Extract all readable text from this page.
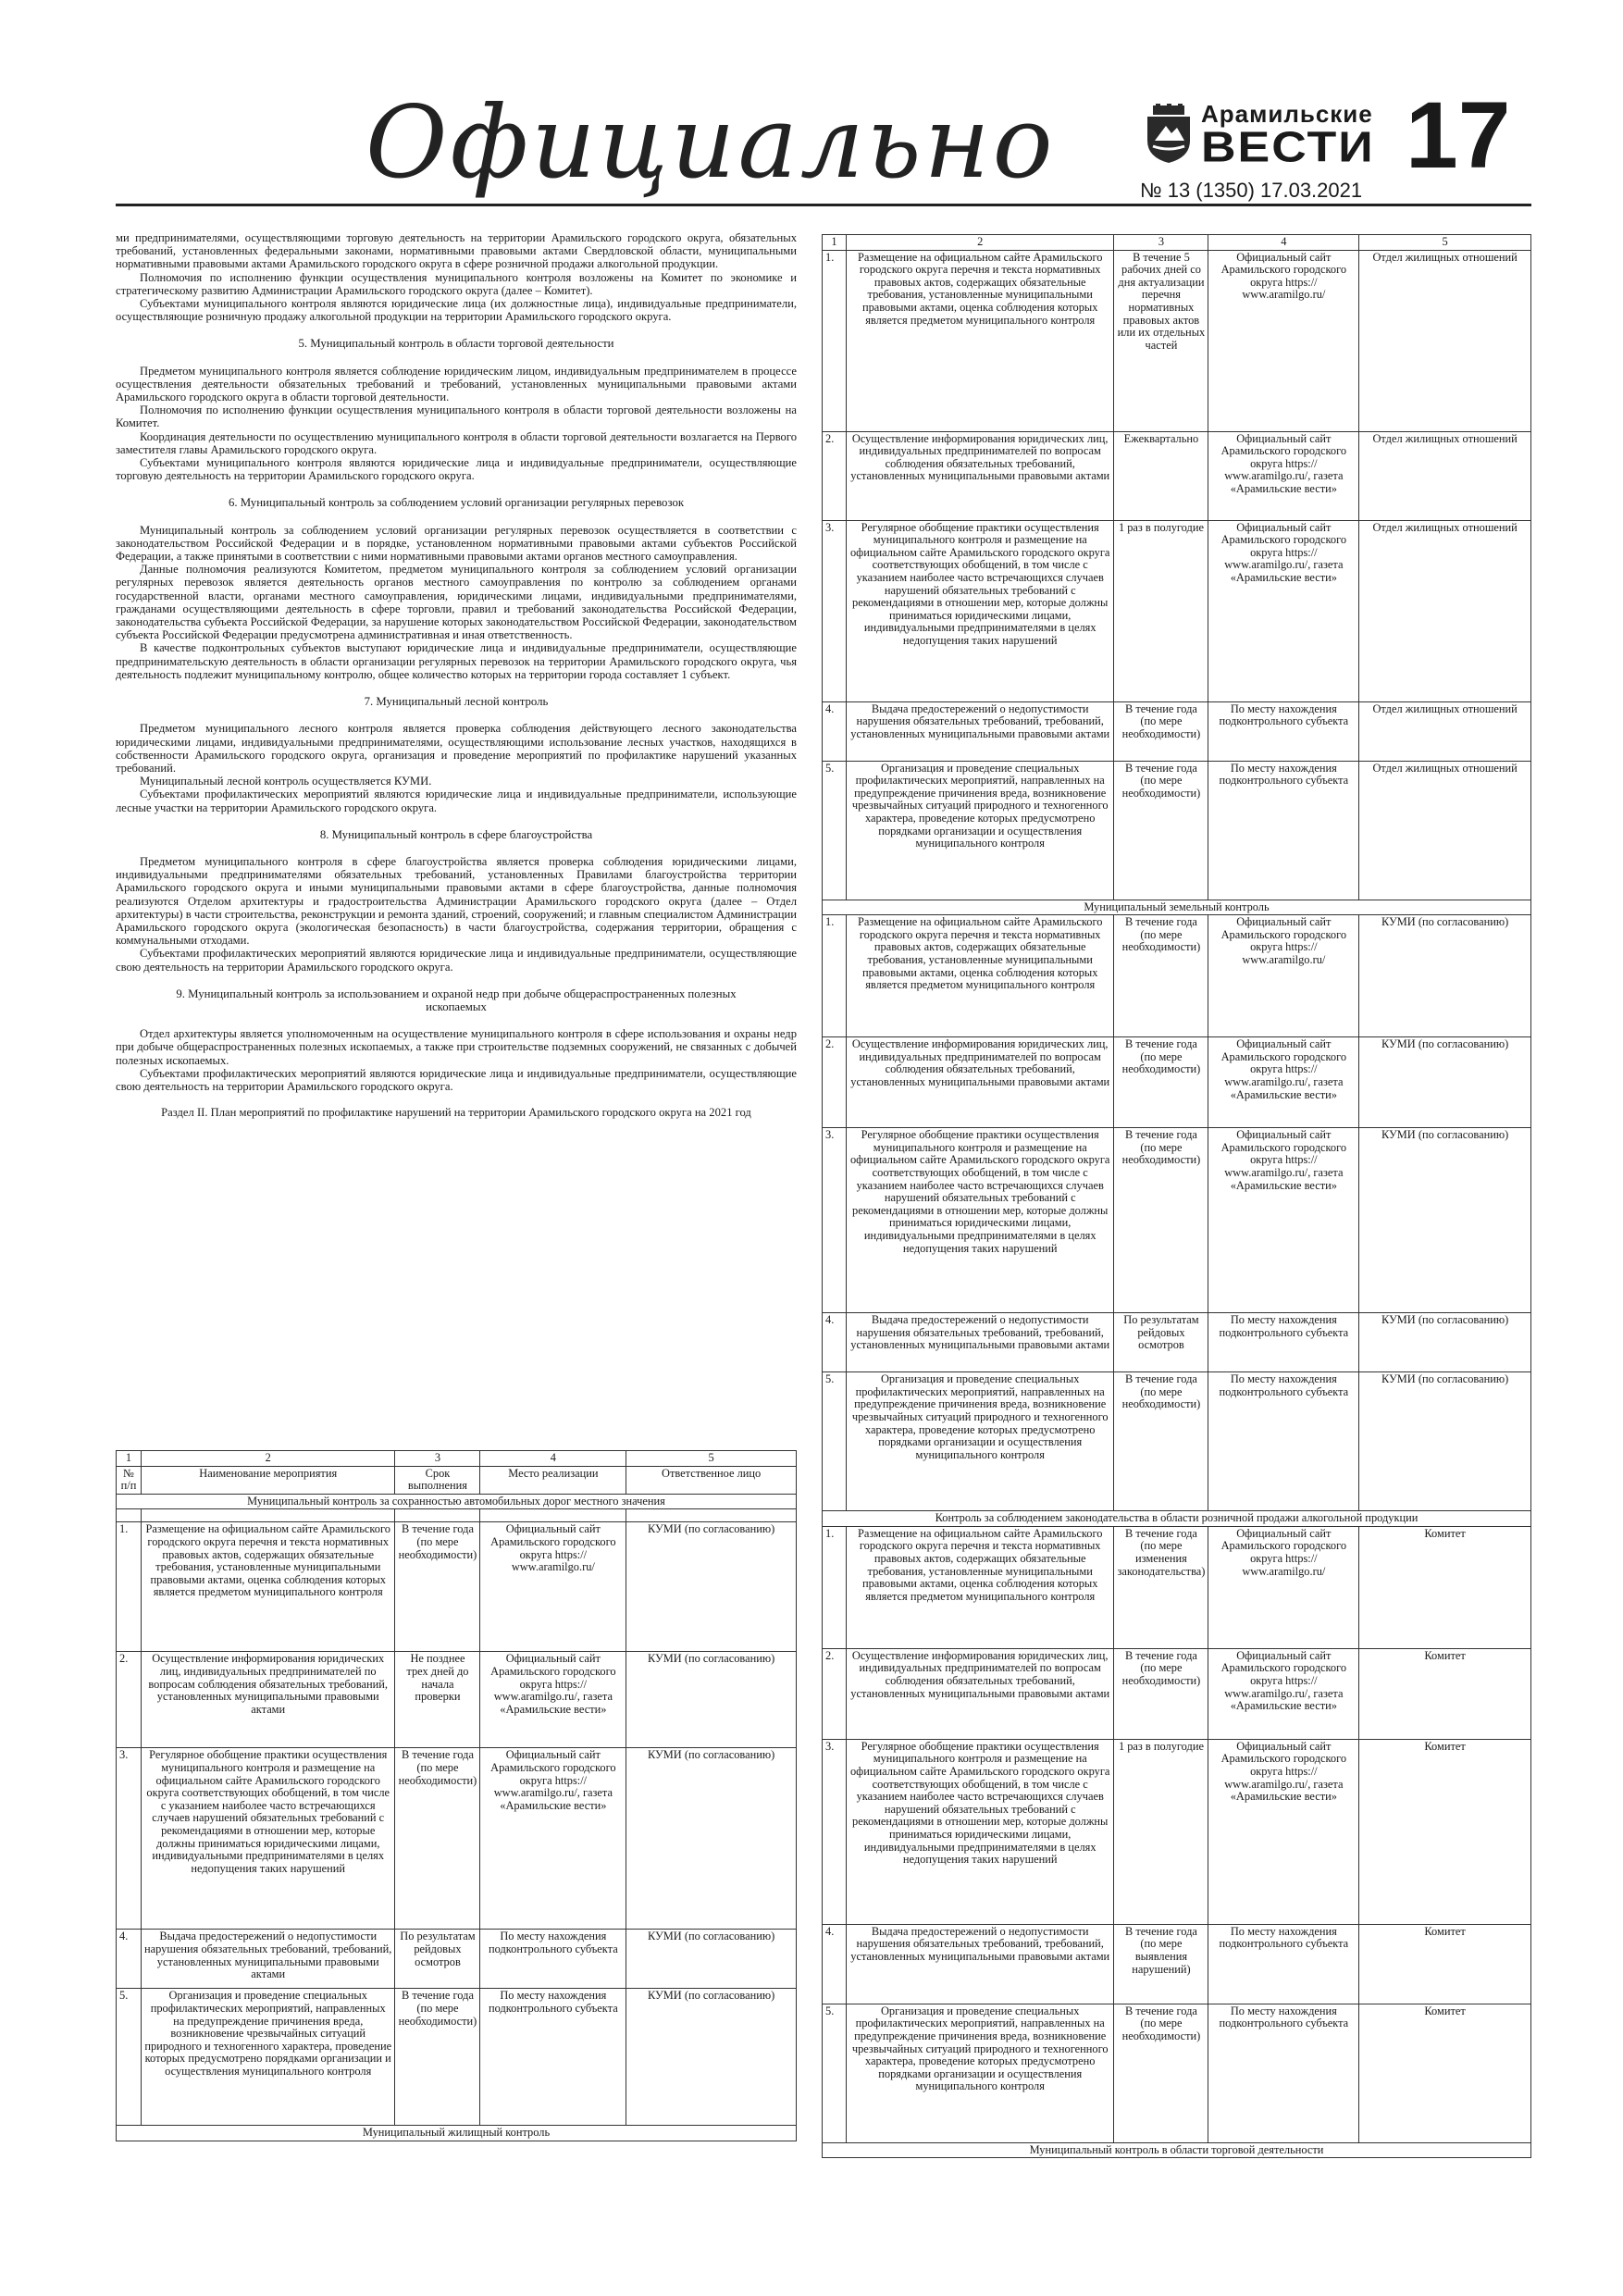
Официально	Арамильские
ВЕСТИ
№ 13 (1350) 17.03.2021
17

ми предпринимателями, осуществляющими торговую деятельность на территории Арамильского городского округа, обязательных требований, установленных федеральными законами, нормативными правовыми актами Свердловской области, муниципальными нормативными правовыми актами Арамильского городского округа в сфере розничной продажи алкогольной продукции.

Полномочия по исполнению функции осуществления муниципального контроля возложены на Комитет по экономике и стратегическому развитию Администрации Арамильского городского округа (далее – Комитет).

Субъектами муниципального контроля являются юридические лица (их должностные лица), индивидуальные предприниматели, осуществляющие розничную продажу алкогольной продукции на территории Арамильского городского округа.

5. Муниципальный контроль в области торговой деятельности

Предметом муниципального контроля является соблюдение юридическим лицом, индивидуальным предпринимателем в процессе осуществления деятельности обязательных требований и требований, установленных муниципальными правовыми актами Арамильского городского округа в области торговой деятельности.

Полномочия по исполнению функции осуществления муниципального контроля в области торговой деятельности возложены на Комитет.

Координация деятельности по осуществлению муниципального контроля в области торговой деятельности возлагается на Первого заместителя главы Арамильского городского округа.

Субъектами муниципального контроля являются юридические лица и индивидуальные предприниматели, осуществляющие торговую деятельность на территории Арамильского городского округа.

6. Муниципальный контроль за соблюдением условий организации регулярных перевозок

Муниципальный контроль за соблюдением условий организации регулярных перевозок осуществляется в соответствии с законодательством Российской Федерации и в порядке, установленном нормативными правовыми актами субъектов Российской Федерации, а также принятыми в соответствии с ними нормативными правовыми актами органов местного самоуправления.

Данные полномочия реализуются Комитетом, предметом муниципального контроля за соблюдением условий организации регулярных перевозок является деятельность органов местного самоуправления по контролю за соблюдением органами государственной власти, органами местного самоуправления, юридическими лицами, индивидуальными предпринимателями, гражданами осуществляющими деятельность в сфере торговли, правил и требований законодательства Российской Федерации, законодательства субъекта Российской Федерации, за нарушение которых законодательством Российской Федерации, законодательством субъекта Российской Федерации предусмотрена административная и иная ответственность.

В качестве подконтрольных субъектов выступают юридические лица и индивидуальные предприниматели, осуществляющие предпринимательскую деятельность в области организации регулярных перевозок на территории Арамильского городского округа, чья деятельность подлежит муниципальному контролю, общее количество которых на территории города составляет 1 субъект.

7. Муниципальный лесной контроль

Предметом муниципального лесного контроля является проверка соблюдения действующего лесного законодательства юридическими лицами, индивидуальными предпринимателями, осуществляющими использование лесных участков, находящихся в собственности Арамильского городского округа, организация и проведение мероприятий по профилактике нарушений указанных требований.

Муниципальный лесной контроль осуществляется КУМИ.

Субъектами профилактических мероприятий являются юридические лица и индивидуальные предприниматели, использующие лесные участки на территории Арамильского городского округа.

8. Муниципальный контроль в сфере благоустройства

Предметом муниципального контроля в сфере благоустройства является проверка соблюдения юридическими лицами, индивидуальными предпринимателями обязательных требований, установленных Правилами благоустройства территории Арамильского городского округа и иными муниципальными правовыми актами в сфере благоустройства, данные полномочия реализуются Отделом архитектуры и градостроительства Администрации Арамильского городского округа (далее – Отдел архитектуры) в части строительства, реконструкции и ремонта зданий, строений, сооружений; и главным специалистом Администрации Арамильского городского округа (экологическая безопасность) в части благоустройства, содержания территории, обращения с коммунальными отходами.

Субъектами профилактических мероприятий являются юридические лица и индивидуальные предприниматели, осуществляющие свою деятельность на территории Арамильского городского округа.

9. Муниципальный контроль за использованием и охраной недр при добыче общераспространенных полезных ископаемых

Отдел архитектуры является уполномоченным на осуществление муниципального контроля в сфере использования и охраны недр при добыче общераспространенных полезных ископаемых, а также при строительстве подземных сооружений, не связанных с добычей полезных ископаемых.

Субъектами профилактических мероприятий являются юридические лица и индивидуальные предприниматели, осуществляющие свою деятельность на территории Арамильского городского округа.

Раздел II. План мероприятий по профилактике нарушений на территории Арамильского городского округа на 2021 год
1	2	3	4	5
№ п/п	Наименование мероприятия	Срок выполнения	Место реализации	Ответственное лицо
Муниципальный контроль за сохранностью автомобильных дорог местного значения				

1.	Размещение на официальном сайте Арамильского городского округа перечня и текста нормативных правовых актов, содержащих обязательные требования, установленные муниципальными правовыми актами, оценка соблюдения которых является предметом муниципального контроля	В течение года (по мере необходимости)	Официальный сайт Арамильского городского округа https:// www.aramilgo.ru/	КУМИ (по согласованию)
2.	Осуществление информирования юридических лиц, индивидуальных предпринимателей по вопросам соблюдения обязательных требований, установленных муниципальными правовыми актами	Не позднее трех дней до начала проверки	Официальный сайт Арамильского городского округа https:// www.aramilgo.ru/, газета «Арамильские вести»	КУМИ (по согласованию)
3.	Регулярное обобщение практики осуществления муниципального контроля и размещение на официальном сайте Арамильского городского округа соответствующих обобщений, в том числе с указанием наиболее часто встречающихся случаев нарушений обязательных требований с рекомендациями в отношении мер, которые должны приниматься юридическими лицами, индивидуальными предпринимателями в целях недопущения таких нарушений	В течение года (по мере необходимости)	Официальный сайт Арамильского городского округа https:// www.aramilgo.ru/, газета «Арамильские вести»	КУМИ (по согласованию)
4.	Выдача предостережений о недопустимости нарушения обязательных требований, требований, установленных муниципальными правовыми актами	По результатам рейдовых осмотров	По месту нахождения подконтрольного субъекта	КУМИ (по согласованию)
5.	Организация и проведение специальных профилактических мероприятий, направленных на предупреждение причинения вреда, возникновение чрезвычайных ситуаций природного и техногенного характера, проведение которых предусмотрено порядками организации и осуществления муниципального контроля	В течение года (по мере необходимости)	По месту нахождения подконтрольного субъекта	КУМИ (по согласованию)
Муниципальный жилищный контроль				
1	2	3	4	5
1.	Размещение на официальном сайте Арамильского городского округа перечня и текста нормативных правовых актов, содержащих обязательные требования, установленные муниципальными правовыми актами, оценка соблюдения которых является предметом муниципального контроля	В течение 5 рабочих дней со дня актуализации перечня нормативных правовых актов или их отдельных частей	Официальный сайт Арамильского городского округа https:// www.aramilgo.ru/	Отдел жилищных отношений
2.	Осуществление информирования юридических лиц, индивидуальных предпринимателей по вопросам соблюдения обязательных требований, установленных муниципальными правовыми актами	Ежеквартально	Официальный сайт Арамильского городского округа https:// www.aramilgo.ru/, газета «Арамильские вести»	Отдел жилищных отношений
3.	Регулярное обобщение практики осуществления муниципального контроля и размещение на официальном сайте Арамильского городского округа соответствующих обобщений, в том числе с указанием наиболее часто встречающихся случаев нарушений обязательных требований с рекомендациями в отношении мер, которые должны приниматься юридическими лицами, индивидуальными предпринимателями в целях недопущения таких нарушений	1 раз в полугодие	Официальный сайт Арамильского городского округа https:// www.aramilgo.ru/, газета «Арамильские вести»	Отдел жилищных отношений
4.	Выдача предостережений о недопустимости нарушения обязательных требований, требований, установленных муниципальными правовыми актами	В течение года (по мере необходимости)	По месту нахождения подконтрольного субъекта	Отдел жилищных отношений
5.	Организация и проведение специальных профилактических мероприятий, направленных на предупреждение причинения вреда, возникновение чрезвычайных ситуаций природного и техногенного характера, проведение которых предусмотрено порядками организации и осуществления муниципального контроля	В течение года (по мере необходимости)	По месту нахождения подконтрольного субъекта	Отдел жилищных отношений
Муниципальный земельный контроль				
1.	Размещение на официальном сайте Арамильского городского округа перечня и текста нормативных правовых актов, содержащих обязательные требования, установленные муниципальными правовыми актами, оценка соблюдения которых является предметом муниципального контроля	В течение года (по мере необходимости)	Официальный сайт Арамильского городского округа https:// www.aramilgo.ru/	КУМИ (по согласованию)
2.	Осуществление информирования юридических лиц, индивидуальных предпринимателей по вопросам соблюдения обязательных требований, установленных муниципальными правовыми актами	В течение года (по мере необходимости)	Официальный сайт Арамильского городского округа https:// www.aramilgo.ru/, газета «Арамильские вести»	КУМИ (по согласованию)
3.	Регулярное обобщение практики осуществления муниципального контроля и размещение на официальном сайте Арамильского городского округа соответствующих обобщений, в том числе с указанием наиболее часто встречающихся случаев нарушений обязательных требований с рекомендациями в отношении мер, которые должны приниматься юридическими лицами, индивидуальными предпринимателями в целях недопущения таких нарушений	В течение года (по мере необходимости)	Официальный сайт Арамильского городского округа https:// www.aramilgo.ru/, газета «Арамильские вести»	КУМИ (по согласованию)
4.	Выдача предостережений о недопустимости нарушения обязательных требований, требований, установленных муниципальными правовыми актами	По результатам рейдовых осмотров	По месту нахождения подконтрольного субъекта	КУМИ (по согласованию)
5.	Организация и проведение специальных профилактических мероприятий, направленных на предупреждение причинения вреда, возникновение чрезвычайных ситуаций природного и техногенного характера, проведение которых предусмотрено порядками организации и осуществления муниципального контроля	В течение года (по мере необходимости)	По месту нахождения подконтрольного субъекта	КУМИ (по согласованию)
Контроль за соблюдением законодательства в области розничной продажи алкогольной продукции				
1.	Размещение на официальном сайте Арамильского городского округа перечня и текста нормативных правовых актов, содержащих обязательные требования, установленные муниципальными правовыми актами, оценка соблюдения которых является предметом муниципального контроля	В течение года (по мере изменения законодательства)	Официальный сайт Арамильского городского округа https:// www.aramilgo.ru/	Комитет
2.	Осуществление информирования юридических лиц, индивидуальных предпринимателей по вопросам соблюдения обязательных требований, установленных муниципальными правовыми актами	В течение года (по мере необходимости)	Официальный сайт Арамильского городского округа https:// www.aramilgo.ru/, газета «Арамильские вести»	Комитет
3.	Регулярное обобщение практики осуществления муниципального контроля и размещение на официальном сайте Арамильского городского округа соответствующих обобщений, в том числе с указанием наиболее часто встречающихся случаев нарушений обязательных требований с рекомендациями в отношении мер, которые должны приниматься юридическими лицами, индивидуальными предпринимателями в целях недопущения таких нарушений	1 раз в полугодие	Официальный сайт Арамильского городского округа https:// www.aramilgo.ru/, газета «Арамильские вести»	Комитет
4.	Выдача предостережений о недопустимости нарушения обязательных требований, требований, установленных муниципальными правовыми актами	В течение года (по мере выявления нарушений)	По месту нахождения подконтрольного субъекта	Комитет
5.	Организация и проведение специальных профилактических мероприятий, направленных на предупреждение причинения вреда, возникновение чрезвычайных ситуаций природного и техногенного характера, проведение которых предусмотрено порядками организации и осуществления муниципального контроля	В течение года (по мере необходимости)	По месту нахождения подконтрольного субъекта	Комитет
Муниципальный контроль в области торговой деятельности				
